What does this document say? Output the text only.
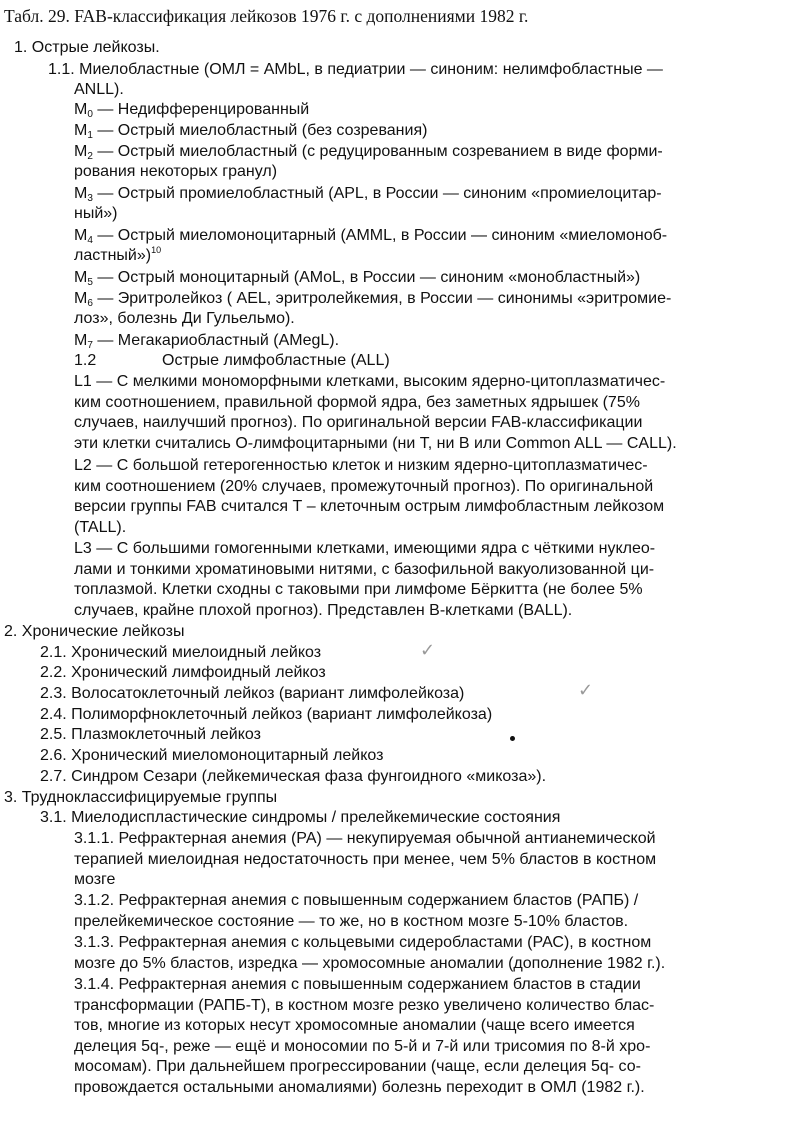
Табл. 29. FAB-классификация лейкозов 1976 г. с дополнениями 1982 г.
1. Острые лейкозы.
1.1. Миелобластные (ОМЛ = AMbL, в педиатрии — синоним: нелимфобластные —
ANLL).
$M_0$ — Недифференцированный
$M_1$ — Острый миелобластный (без созревания)
$M_2$ — Острый миелобластный (с редуцированным созреванием в виде форми-
рования некоторых гранул)
$M_3$ — Острый промиелобластный (APL, в России — синоним «промиелоцитар-
ный»)
$M_4$ — Острый миеломоноцитарный (AMML, в России — синоним «миеломоноб-
ластный»)$^{10}$
$M_5$ — Острый моноцитарный (AMoL, в России — синоним «монобластный»)
$M_6$ — Эритролейкоз ( AEL, эритролейкемия, в России — синонимы «эритромие-
лоз», болезнь Ди Гульельмо).
$M_7$ — Мегакариобластный (AMegL).
1.2	Острые лимфобластные (ALL)
L1 — С мелкими мономорфными клетками, высоким ядерно-цитоплазматичес-
ким соотношением, правильной формой ядра, без заметных ядрышек (75%
случаев, наилучший прогноз). По оригинальной версии FAB-классификации
эти клетки считались О-лимфоцитарными (ни Т, ни В или Common ALL — CALL).
L2 — С большой гетерогенностью клеток и низким ядерно-цитоплазматичес-
ким соотношением (20% случаев, промежуточный прогноз). По оригинальной
версии группы FAB считался Т – клеточным острым лимфобластным лейкозом
(TALL).
L3 — С большими гомогенными клетками, имеющими ядра с чёткими нуклео-
лами и тонкими хроматиновыми нитями, с базофильной вакуолизованной ци-
топлазмой. Клетки сходны с таковыми при лимфоме Бёркитта (не более 5%
случаев, крайне плохой прогноз). Представлен В-клетками (BALL).
2. Хронические лейкозы
2.1. Хронический миелоидный лейкоз
2.2. Хронический лимфоидный лейкоз
2.3. Волосатоклеточный лейкоз (вариант лимфолейкоза)
2.4. Полиморфноклеточный лейкоз (вариант лимфолейкоза)
2.5. Плазмоклеточный лейкоз
2.6. Хронический миеломоноцитарный лейкоз
2.7. Синдром Сезари (лейкемическая фаза фунгоидного «микоза»).
3. Трудноклассифицируемые группы
3.1. Миелодиспластические синдромы / прелейкемические состояния
3.1.1. Рефрактерная анемия (РА) — некупируемая обычной антианемической
терапией миелоидная недостаточность при менее, чем 5% бластов в костном
мозге
3.1.2. Рефрактерная анемия с повышенным содержанием бластов (РАПБ) /
прелейкемическое состояние — то же, но в костном мозге 5-10% бластов.
3.1.3. Рефрактерная анемия с кольцевыми сидеробластами (РАС), в костном
мозге до 5% бластов, изредка — хромосомные аномалии (дополнение 1982 г.).
3.1.4. Рефрактерная анемия с повышенным содержанием бластов в стадии
трансформации (РАПБ-Т), в костном мозге резко увеличено количество блас-
тов, многие из которых несут хромосомные аномалии (чаще всего имеется
делеция 5q-, реже — ещё и моносомии по 5-й и 7-й или трисомия по 8-й хро-
мосомам). При дальнейшем прогрессировании (чаще, если делеция 5q- со-
провождается остальными аномалиями) болезнь переходит в ОМЛ (1982 г.).
✓
✓
